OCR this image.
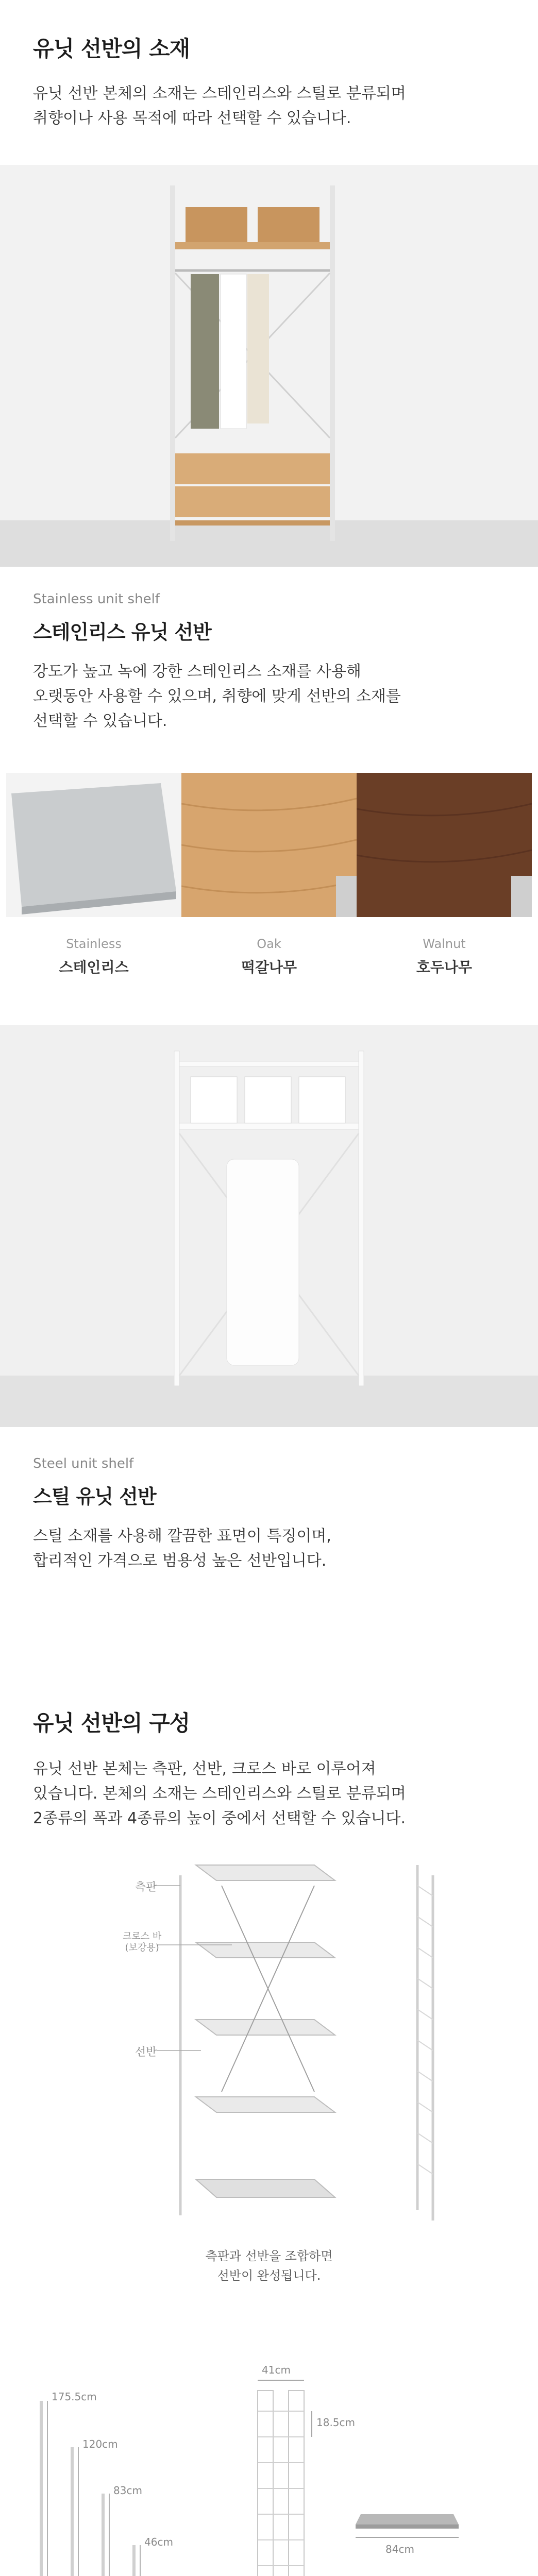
유닛 선반의 소재

유닛 선반 본체의 소재는 스테인리스와 스틸로 분류되며

취향이나 사용 목적에 따라 선택할 수 있습니다.

Stainless unit shelf
스테인리스 유닛 선반

강도가 높고 녹에 강한 스테인리스 소재를 사용해

오랫동안 사용할 수 있으며, 취향에 맞게 선반의 소재를

선택할 수 있습니다.

Stainless
스테인리스
Oak
떡갈나무
Walnut
호두나무
Steel unit shelf
스틸 유닛 선반

스틸 소재를 사용해 깔끔한 표면이 특징이며,

합리적인 가격으로 범용성 높은 선반입니다.

유닛 선반의 구성

유닛 선반 본체는 측판, 선반, 크로스 바로 이루어져

있습니다. 본체의 소재는 스테인리스와 스틸로 분류되며

2종류의 폭과 4종류의 높이 중에서 선택할 수 있습니다.

측판
크로스 바
(보강용)
선반
측판과 선반을 조합하면
선반이 완성됩니다.
175.5cm
120cm
83cm
46cm
41cm
18.5cm
84cm
